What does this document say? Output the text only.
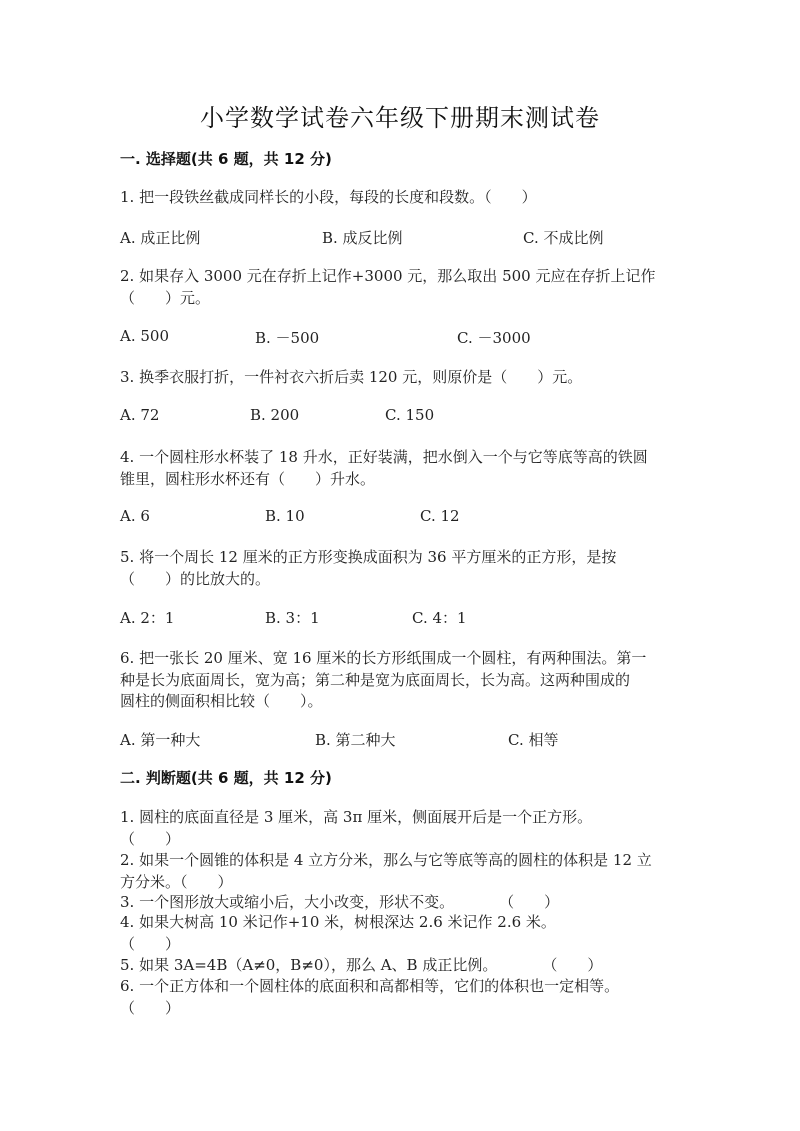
小学数学试卷六年级下册期末测试卷
一. 选择题(共 6 题，共 12 分)
二. 判断题(共 6 题，共 12 分)
1. 把一段铁丝截成同样长的小段，每段的长度和段数。（　　）
A. 成正比例	B. 成反比例	C. 不成比例
2. 如果存入 3000 元在存折上记作+3000 元，那么取出 500 元应在存折上记作
（　　）元。
A. 500	B. －500	C. －3000
3. 换季衣服打折，一件衬衣六折后卖 120 元，则原价是（　　）元。
A. 72	B. 200	C. 150
4. 一个圆柱形水杯装了 18 升水，正好装满，把水倒入一个与它等底等高的铁圆
锥里，圆柱形水杯还有（　　）升水。
A. 6	B. 10	C. 12
5. 将一个周长 12 厘米的正方形变换成面积为 36 平方厘米的正方形，是按
（　　）的比放大的。
A. 2：1	B. 3：1	C. 4：1
6. 把一张长 20 厘米、宽 16 厘米的长方形纸围成一个圆柱，有两种围法。第一
种是长为底面周长，宽为高；第二种是宽为底面周长，长为高。这两种围成的
圆柱的侧面积相比较（　　）。
A. 第一种大	B. 第二种大	C. 相等
1. 圆柱的底面直径是 3 厘米，高 3π 厘米，侧面展开后是一个正方形。
（　　）
2. 如果一个圆锥的体积是 4 立方分米，那么与它等底等高的圆柱的体积是 12 立
方分米。（　　）
3. 一个图形放大或缩小后，大小改变，形状不变。　　　　（　　）
4. 如果大树高 10 米记作+10 米，树根深达 2.6 米记作 2.6 米。
（　　）
5. 如果 3A=4B（A≠0，B≠0），那么 A、B 成正比例。　　　　（　　）
6. 一个正方体和一个圆柱体的底面积和高都相等，它们的体积也一定相等。
（　　）
